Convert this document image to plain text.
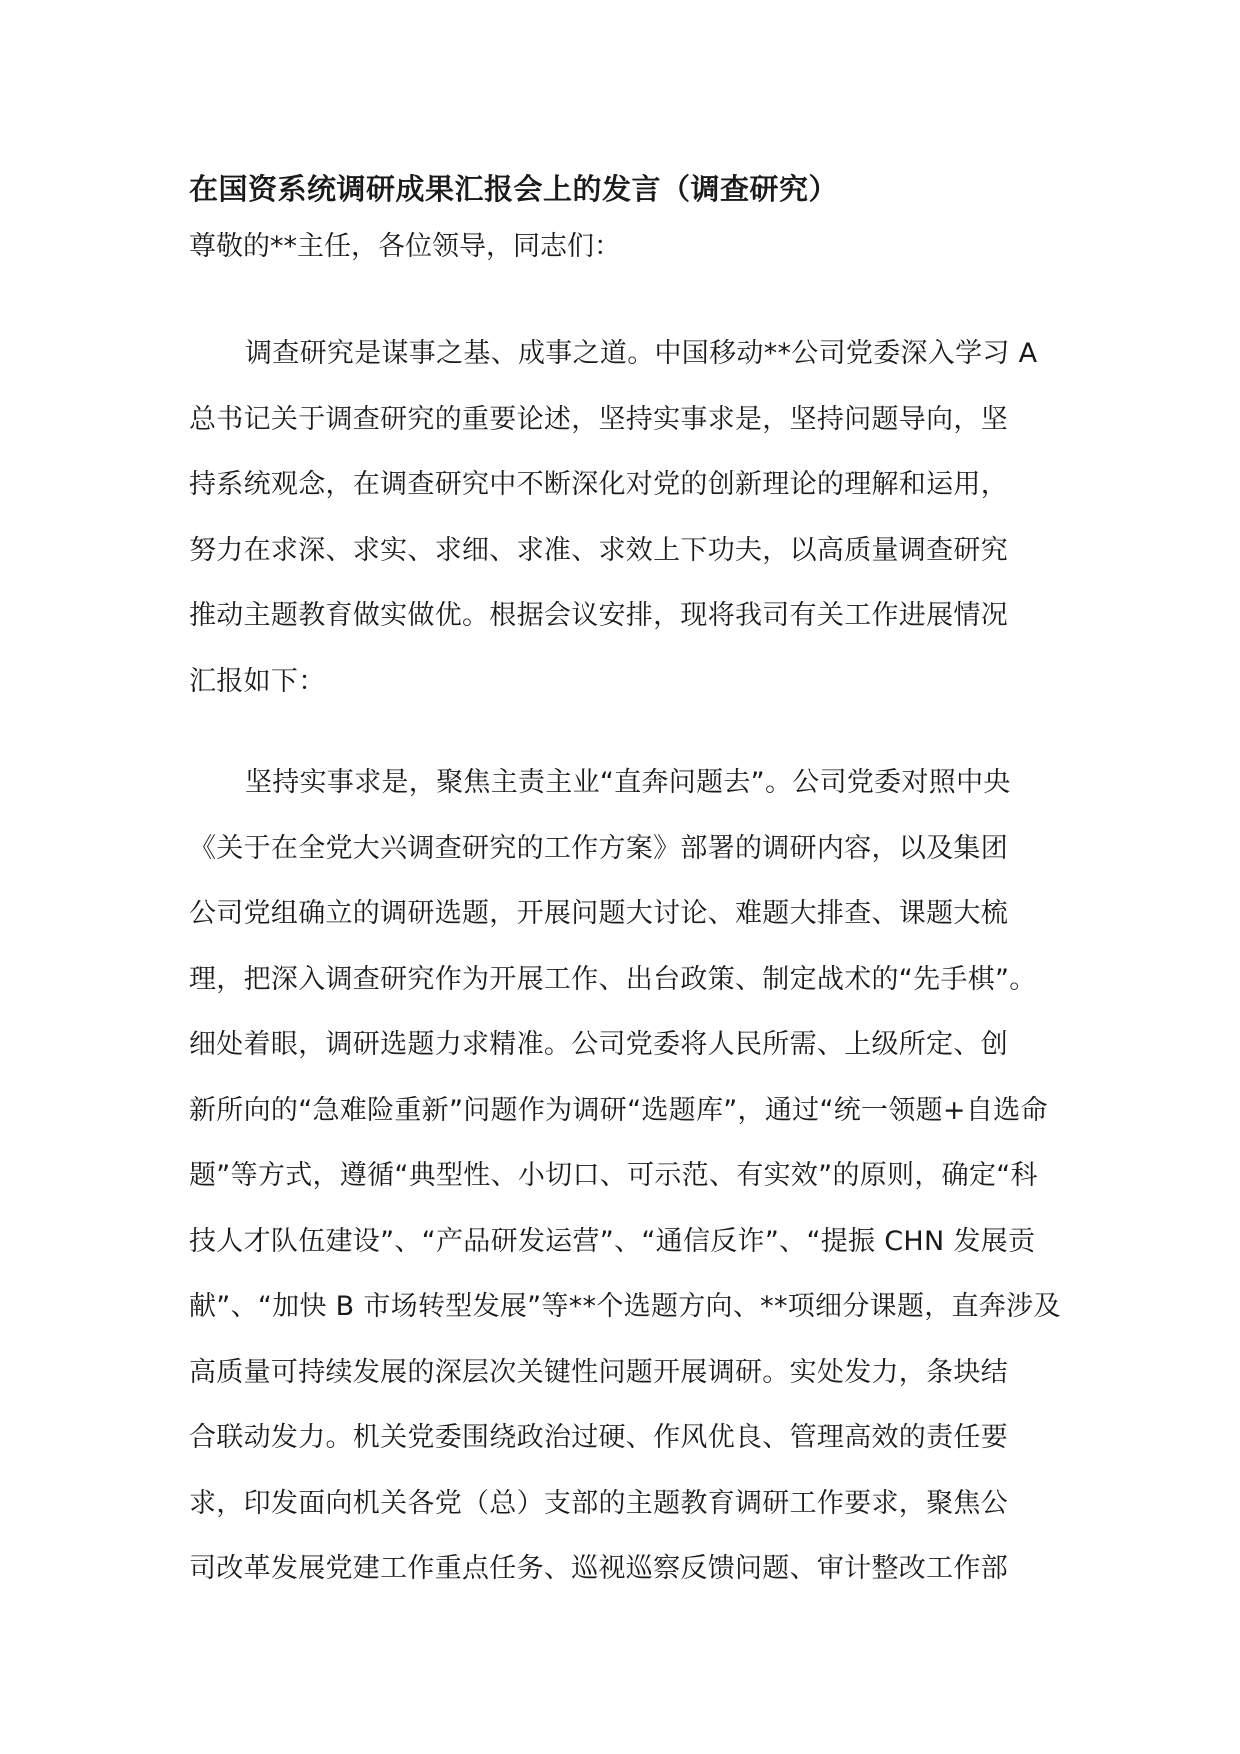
在国资系统调研成果汇报会上的发言（调查研究）
尊敬的**主任，各位领导，同志们：
调查研究是谋事之基、成事之道。中国移动**公司党委深入学习 A
总书记关于调查研究的重要论述，坚持实事求是，坚持问题导向，坚
持系统观念，在调查研究中不断深化对党的创新理论的理解和运用，
努力在求深、求实、求细、求准、求效上下功夫，以高质量调查研究
推动主题教育做实做优。根据会议安排，现将我司有关工作进展情况
汇报如下：
坚持实事求是，聚焦主责主业“直奔问题去”。公司党委对照中央
《关于在全党大兴调查研究的工作方案》部署的调研内容，以及集团
公司党组确立的调研选题，开展问题大讨论、难题大排查、课题大梳
理，把深入调查研究作为开展工作、出台政策、制定战术的“先手棋”。
细处着眼，调研选题力求精准。公司党委将人民所需、上级所定、创
新所向的“急难险重新”问题作为调研“选题库”，通过“统一领题+自选命
题”等方式，遵循“典型性、小切口、可示范、有实效”的原则，确定“科
技人才队伍建设”、“产品研发运营”、“通信反诈”、“提振 CHN 发展贡
献”、“加快 B 市场转型发展”等**个选题方向、**项细分课题，直奔涉及
高质量可持续发展的深层次关键性问题开展调研。实处发力，条块结
合联动发力。机关党委围绕政治过硬、作风优良、管理高效的责任要
求，印发面向机关各党（总）支部的主题教育调研工作要求，聚焦公
司改革发展党建工作重点任务、巡视巡察反馈问题、审计整改工作部
